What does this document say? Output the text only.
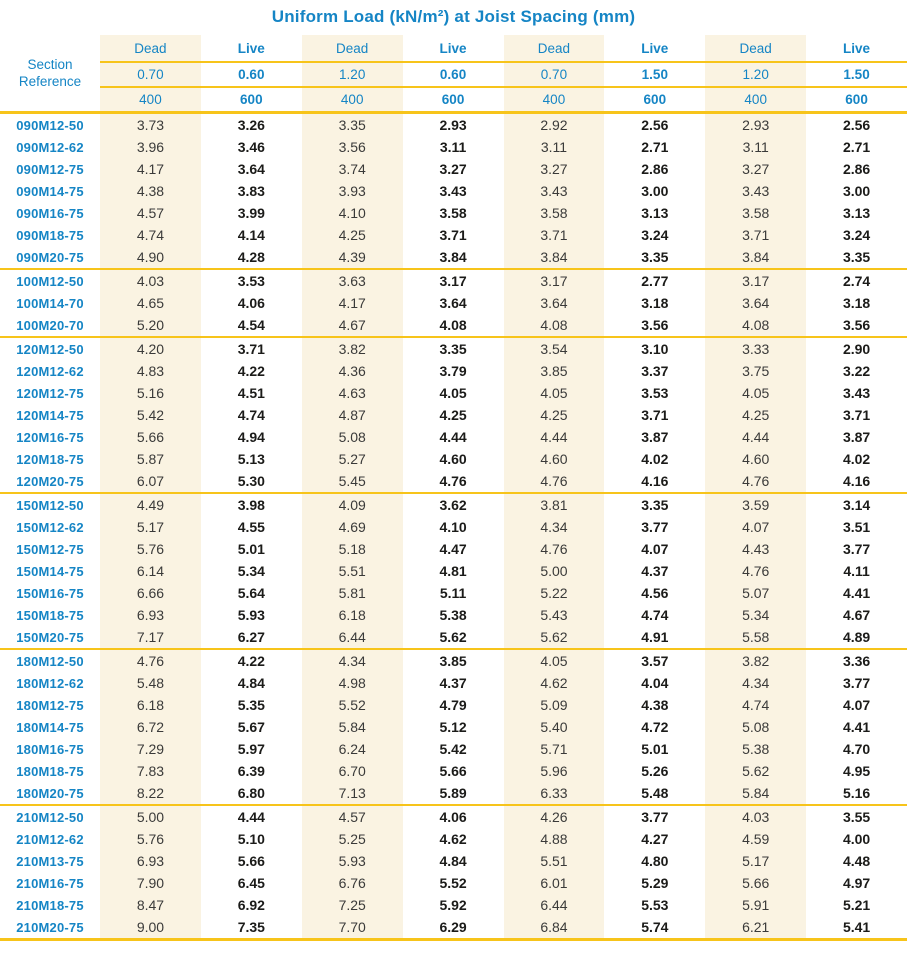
Uniform Load (kN/m²) at Joist Spacing (mm)
Section
Reference	Dead	Live	Dead	Live	Dead	Live	Dead	Live
	0.70	0.60	1.20	0.60	0.70	1.50	1.20	1.50
	400	600	400	600	400	600	400	600
090M12-50	3.73	3.26	3.35	2.93	2.92	2.56	2.93	2.56
090M12-62	3.96	3.46	3.56	3.11	3.11	2.71	3.11	2.71
090M12-75	4.17	3.64	3.74	3.27	3.27	2.86	3.27	2.86
090M14-75	4.38	3.83	3.93	3.43	3.43	3.00	3.43	3.00
090M16-75	4.57	3.99	4.10	3.58	3.58	3.13	3.58	3.13
090M18-75	4.74	4.14	4.25	3.71	3.71	3.24	3.71	3.24
090M20-75	4.90	4.28	4.39	3.84	3.84	3.35	3.84	3.35
100M12-50	4.03	3.53	3.63	3.17	3.17	2.77	3.17	2.74
100M14-70	4.65	4.06	4.17	3.64	3.64	3.18	3.64	3.18
100M20-70	5.20	4.54	4.67	4.08	4.08	3.56	4.08	3.56
120M12-50	4.20	3.71	3.82	3.35	3.54	3.10	3.33	2.90
120M12-62	4.83	4.22	4.36	3.79	3.85	3.37	3.75	3.22
120M12-75	5.16	4.51	4.63	4.05	4.05	3.53	4.05	3.43
120M14-75	5.42	4.74	4.87	4.25	4.25	3.71	4.25	3.71
120M16-75	5.66	4.94	5.08	4.44	4.44	3.87	4.44	3.87
120M18-75	5.87	5.13	5.27	4.60	4.60	4.02	4.60	4.02
120M20-75	6.07	5.30	5.45	4.76	4.76	4.16	4.76	4.16
150M12-50	4.49	3.98	4.09	3.62	3.81	3.35	3.59	3.14
150M12-62	5.17	4.55	4.69	4.10	4.34	3.77	4.07	3.51
150M12-75	5.76	5.01	5.18	4.47	4.76	4.07	4.43	3.77
150M14-75	6.14	5.34	5.51	4.81	5.00	4.37	4.76	4.11
150M16-75	6.66	5.64	5.81	5.11	5.22	4.56	5.07	4.41
150M18-75	6.93	5.93	6.18	5.38	5.43	4.74	5.34	4.67
150M20-75	7.17	6.27	6.44	5.62	5.62	4.91	5.58	4.89
180M12-50	4.76	4.22	4.34	3.85	4.05	3.57	3.82	3.36
180M12-62	5.48	4.84	4.98	4.37	4.62	4.04	4.34	3.77
180M12-75	6.18	5.35	5.52	4.79	5.09	4.38	4.74	4.07
180M14-75	6.72	5.67	5.84	5.12	5.40	4.72	5.08	4.41
180M16-75	7.29	5.97	6.24	5.42	5.71	5.01	5.38	4.70
180M18-75	7.83	6.39	6.70	5.66	5.96	5.26	5.62	4.95
180M20-75	8.22	6.80	7.13	5.89	6.33	5.48	5.84	5.16
210M12-50	5.00	4.44	4.57	4.06	4.26	3.77	4.03	3.55
210M12-62	5.76	5.10	5.25	4.62	4.88	4.27	4.59	4.00
210M13-75	6.93	5.66	5.93	4.84	5.51	4.80	5.17	4.48
210M16-75	7.90	6.45	6.76	5.52	6.01	5.29	5.66	4.97
210M18-75	8.47	6.92	7.25	5.92	6.44	5.53	5.91	5.21
210M20-75	9.00	7.35	7.70	6.29	6.84	5.74	6.21	5.41
